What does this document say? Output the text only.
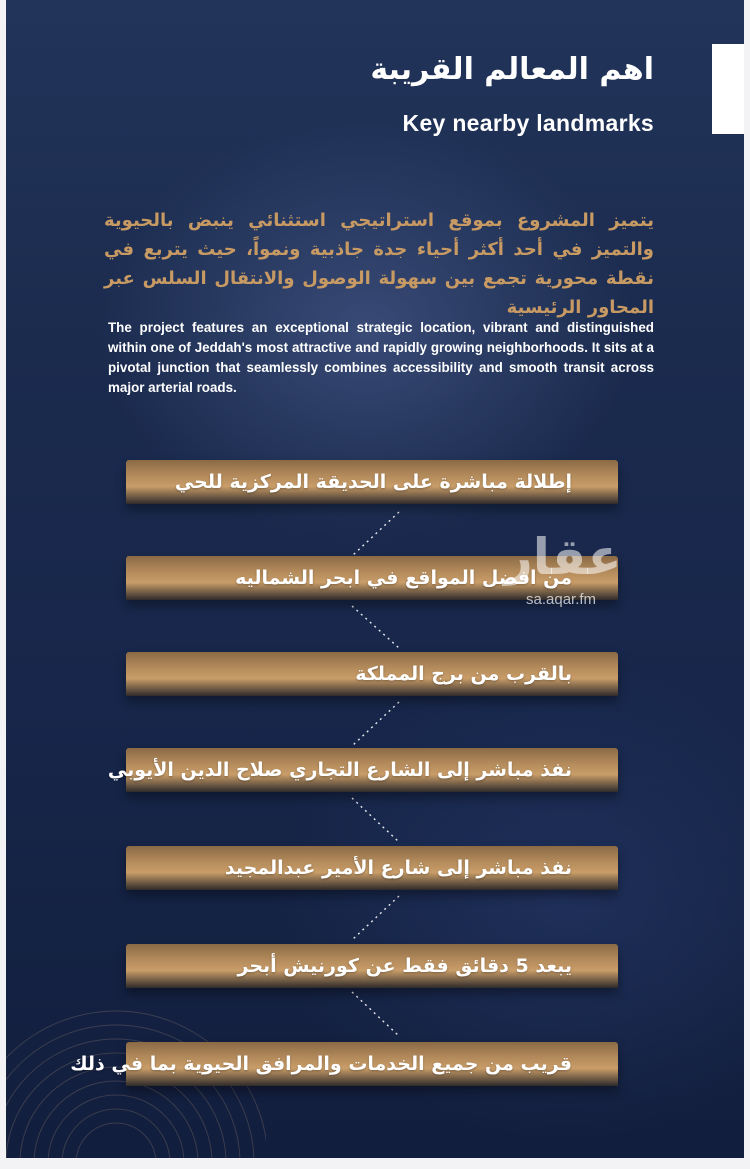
اهم المعالم القريبة
Key nearby landmarks
يتميز المشروع بموقع استراتيجي استثنائي ينبض بالحيوية والتميز في أحد أكثر أحياء جدة جاذبية ونمواً، حيث يتربع في نقطة محورية تجمع بين سهولة الوصول والانتقال السلس عبر المحاور الرئيسية
The project features an exceptional strategic location, vibrant and distinguished within one of Jeddah's most attractive and rapidly growing neighborhoods. It sits at a pivotal junction that seamlessly combines accessibility and smooth transit across major arterial roads.
إطلالة مباشرة على الحديقة المركزية للحي
من افضل المواقع في ابحر الشماليه
بالقرب من برج المملكة
نفذ مباشر إلى الشارع التجاري صلاح الدين الأيوبي
نفذ مباشر إلى شارع الأمير عبدالمجيد
يبعد 5 دقائق فقط عن كورنيش أبحر
قريب من جميع الخدمات والمرافق الحيوية بما في ذلك
عقار
sa.aqar.fm
